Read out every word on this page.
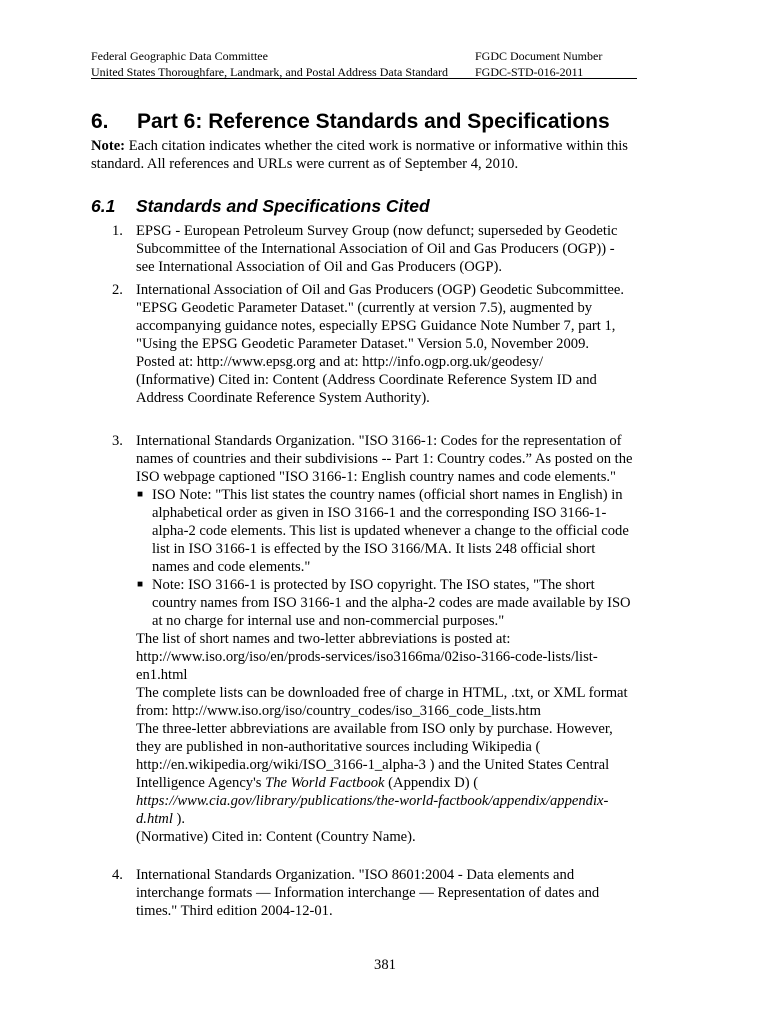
Federal Geographic Data Committee	FGDC Document Number FGDC-STD-016-2011
United States Thoroughfare, Landmark, and Postal Address Data Standard
6. Part 6: Reference Standards and Specifications
Note: Each citation indicates whether the cited work is normative or informative within this standard. All references and URLs were current as of September 4, 2010.
6.1 Standards and Specifications Cited
1. EPSG - European Petroleum Survey Group (now defunct; superseded by Geodetic Subcommittee of the International Association of Oil and Gas Producers (OGP)) - see International Association of Oil and Gas Producers (OGP).

2. International Association of Oil and Gas Producers (OGP) Geodetic Subcommittee. "EPSG Geodetic Parameter Dataset." (currently at version 7.5), augmented by accompanying guidance notes, especially EPSG Guidance Note Number 7, part 1, "Using the EPSG Geodetic Parameter Dataset." Version 5.0, November 2009.

Posted at: http://www.epsg.org and at: http://info.ogp.org.uk/geodesy/

(Informative) Cited in: Content (Address Coordinate Reference System ID and Address Coordinate Reference System Authority).

3. International Standards Organization. "ISO 3166-1: Codes for the representation of names of countries and their subdivisions -- Part 1: Country codes.” As posted on the ISO webpage captioned "ISO 3166-1: English country names and code elements."

■ ISO Note: "This list states the country names (official short names in English) in alphabetical order as given in ISO 3166-1 and the corresponding ISO 3166-1-alpha-2 code elements. This list is updated whenever a change to the official code list in ISO 3166-1 is effected by the ISO 3166/MA. It lists 248 official short names and code elements."

■ Note: ISO 3166-1 is protected by ISO copyright. The ISO states, "The short country names from ISO 3166-1 and the alpha-2 codes are made available by ISO at no charge for internal use and non-commercial purposes."

The list of short names and two-letter abbreviations is posted at: http://www.iso.org/iso/en/prods-services/iso3166ma/02iso-3166-code-lists/list-en1.html

The complete lists can be downloaded free of charge in HTML, .txt, or XML format from: http://www.iso.org/iso/country_codes/iso_3166_code_lists.htm

The three-letter abbreviations are available from ISO only by purchase. However, they are published in non-authoritative sources including Wikipedia ( http://en.wikipedia.org/wiki/ISO_3166-1_alpha-3 ) and the United States Central Intelligence Agency's The World Factbook (Appendix D) ( https://www.cia.gov/library/publications/the-world-factbook/appendix/appendix-d.html ).

(Normative) Cited in: Content (Country Name).

4. International Standards Organization. "ISO 8601:2004 - Data elements and interchange formats — Information interchange — Representation of dates and times." Third edition 2004-12-01.

381
